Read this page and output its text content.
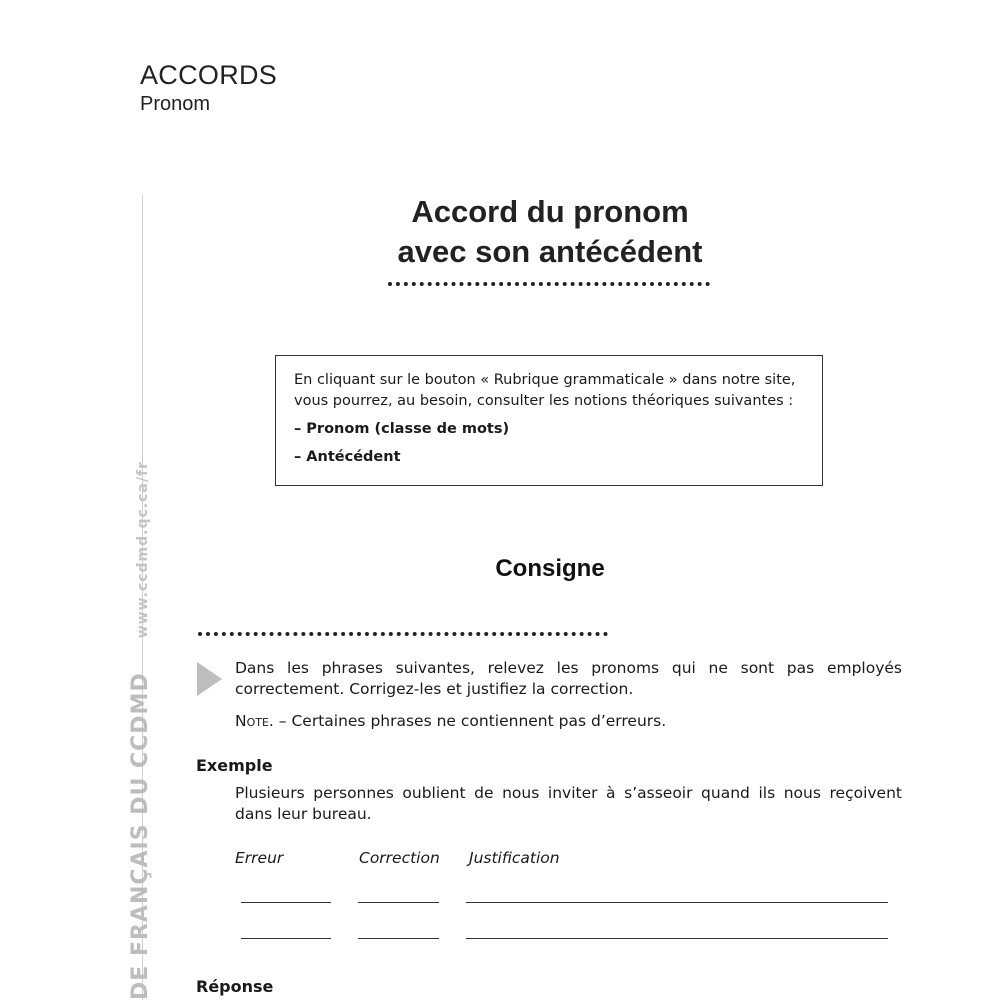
ACCORDS
Pronom
DE FRANÇAIS DU CCDMDwww.ccdmd.qc.ca/fr
Accord du pronom
avec son antécédent
En cliquant sur le bouton « Rubrique grammaticale » dans notre site, vous pourrez, au besoin, consulter les notions théoriques suivantes :
– Pronom (classe de mots)
– Antécédent
Consigne
Dans les phrases suivantes, relevez les pronoms qui ne sont pas employés correctement. Corrigez-les et justifiez la correction.
Note. – Certaines phrases ne contiennent pas d’erreurs.
Exemple
Plusieurs personnes oublient de nous inviter à s’asseoir quand ils nous reçoivent dans leur bureau.
Erreur	Correction Justification
Réponse
